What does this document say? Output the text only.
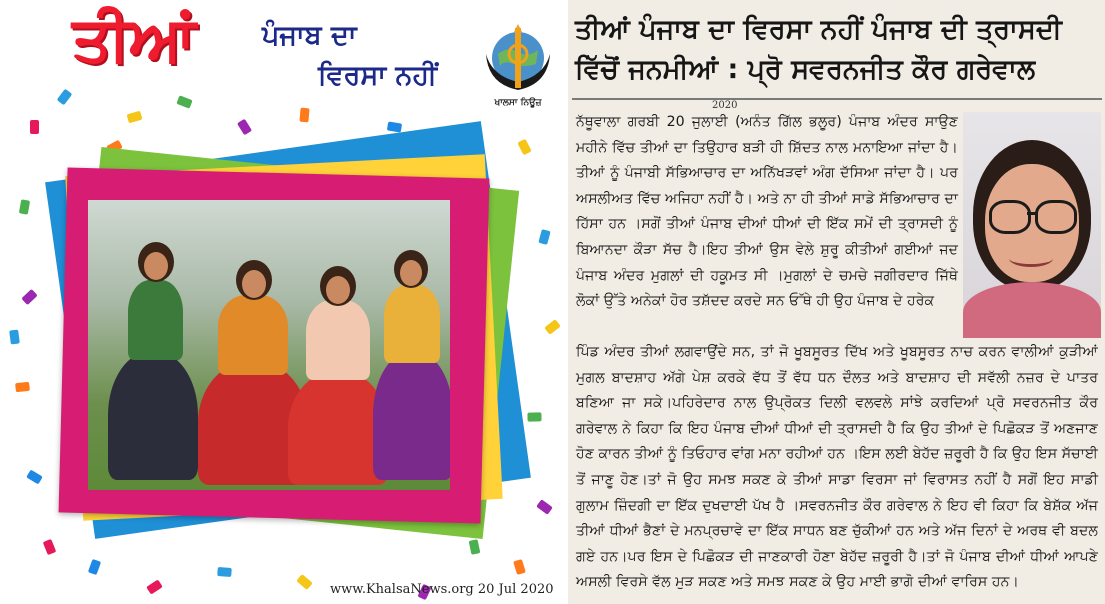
ਤੀਆਂ	ਪੰਜਾਬ ਦਾ
ਵਿਰਸਾ ਨਹੀਂ
ਖਾਲਸਾ ਨਿਊਜ਼
www.KhalsaNews.org 20 Jul 2020
ਤੀਆਂ ਪੰਜਾਬ ਦਾ ਵਿਰਸਾ ਨਹੀਂ ਪੰਜਾਬ ਦੀ ਤ੍ਰਾਸਦੀ ਵਿੱਚੋਂ ਜਨਮੀਆਂ : ਪ੍ਰੋ ਸਵਰਨਜੀਤ ਕੌਰ ਗਰੇਵਾਲ
2020

ਨੱਥੂਵਾਲਾ ਗਰਬੀ 20 ਜੁਲਾਈ (ਅਨੰਤ ਗਿੱਲ ਭਲੂਰ) ਪੰਜਾਬ ਅੰਦਰ ਸਾਉਣ ਮਹੀਨੇ ਵਿੱਚ ਤੀਆਂ ਦਾ ਤਿਉਹਾਰ ਬੜੀ ਹੀ ਸ਼ਿੱਦਤ ਨਾਲ ਮਨਾਇਆ ਜਾਂਦਾ ਹੈ। ਤੀਆਂ ਨੂੰ ਪੰਜਾਬੀ ਸੱਭਿਆਚਾਰ ਦਾ ਅਨਿੱਖੜਵਾਂ ਅੰਗ ਦੱਸਿਆ ਜਾਂਦਾ ਹੈ। ਪਰ ਅਸਲੀਅਤ ਵਿੱਚ ਅਜਿਹਾ ਨਹੀਂ ਹੈ। ਅਤੇ ਨਾ ਹੀ ਤੀਆਂ ਸਾਡੇ ਸੱਭਿਆਚਾਰ ਦਾ ਹਿੱਸਾ ਹਨ ।ਸਗੋਂ ਤੀਆਂ ਪੰਜਾਬ ਦੀਆਂ ਧੀਆਂ ਦੀ ਇੱਕ ਸਮੇਂ ਦੀ ਤ੍ਰਾਸਦੀ ਨੂੰ ਬਿਆਨਦਾ ਕੌੜਾ ਸੱਚ ਹੈ।ਇਹ ਤੀਆਂ ਉਸ ਵੇਲੇ ਸ਼ੁਰੂ ਕੀਤੀਆਂ ਗਈਆਂ ਜਦ ਪੰਜਾਬ ਅੰਦਰ ਮੁਗਲਾਂ ਦੀ ਹਕੂਮਤ ਸੀ ।ਮੁਗਲਾਂ ਦੇ ਚਮਚੇ ਜਗੀਰਦਾਰ ਜਿੱਥੇ ਲੋਕਾਂ ਉੱਤੇ ਅਨੇਕਾਂ ਹੋਰ ਤਸ਼ੱਦਦ ਕਰਦੇ ਸਨ ਓੱਥੇ ਹੀ ਉਹ ਪੰਜਾਬ ਦੇ ਹਰੇਕ

ਪਿੰਡ ਅੰਦਰ ਤੀਆਂ ਲਗਵਾਉਂਦੇ ਸਨ, ਤਾਂ ਜੋ ਖੂਬਸੂਰਤ ਦਿੱਖ ਅਤੇ ਖੂਬਸੂਰਤ ਨਾਚ ਕਰਨ ਵਾਲੀਆਂ ਕੁੜੀਆਂ ਮੁਗਲ ਬਾਦਸ਼ਾਹ ਅੱਗੇ ਪੇਸ਼ ਕਰਕੇ ਵੱਧ ਤੋਂ ਵੱਧ ਧਨ ਦੌਲਤ ਅਤੇ ਬਾਦਸ਼ਾਹ ਦੀ ਸਵੱਲੀ ਨਜ਼ਰ ਦੇ ਪਾਤਰ ਬਣਿਆ ਜਾ ਸਕੇ।ਪਹਿਰੇਦਾਰ ਨਾਲ ਉਪ੍ਰੋਕਤ ਦਿਲੀ ਵਲਵਲੇ ਸਾਂਝੇ ਕਰਦਿਆਂ ਪ੍ਰੋ ਸਵਰਨਜੀਤ ਕੌਰ ਗਰੇਵਾਲ ਨੇ ਕਿਹਾ ਕਿ ਇਹ ਪੰਜਾਬ ਦੀਆਂ ਧੀਆਂ ਦੀ ਤ੍ਰਾਸਦੀ ਹੈ ਕਿ ਉਹ ਤੀਆਂ ਦੇ ਪਿਛੋਕੜ ਤੋਂ ਅਣਜਾਣ ਹੋਣ ਕਾਰਨ ਤੀਆਂ ਨੂੰ ਤਿਓਹਾਰ ਵਾਂਗ ਮਨਾ ਰਹੀਆਂ ਹਨ ।ਇਸ ਲਈ ਬੇਹੱਦ ਜ਼ਰੂਰੀ ਹੈ ਕਿ ਉਹ ਇਸ ਸੱਚਾਈ ਤੋਂ ਜਾਣੂ ਹੋਣ।ਤਾਂ ਜੋ ਉਹ ਸਮਝ ਸਕਣ ਕੇ ਤੀਆਂ ਸਾਡਾ ਵਿਰਸਾ ਜਾਂ ਵਿਰਾਸਤ ਨਹੀਂ ਹੈ ਸਗੋਂ ਇਹ ਸਾਡੀ ਗੁਲਾਮ ਜ਼ਿੰਦਗੀ ਦਾ ਇੱਕ ਦੁਖਦਾਈ ਪੱਖ ਹੈ ।ਸਵਰਨਜੀਤ ਕੌਰ ਗਰੇਵਾਲ ਨੇ ਇਹ ਵੀ ਕਿਹਾ ਕਿ ਬੇਸ਼ੱਕ ਅੱਜ ਤੀਆਂ ਧੀਆਂ ਭੈਣਾਂ ਦੇ ਮਨਪ੍ਰਚਾਵੇ ਦਾ ਇੱਕ ਸਾਧਨ ਬਣ ਚੁੱਕੀਆਂ ਹਨ ਅਤੇ ਅੱਜ ਦਿਨਾਂ ਦੇ ਅਰਥ ਵੀ ਬਦਲ ਗਏ ਹਨ।ਪਰ ਇਸ ਦੇ ਪਿਛੋਕੜ ਦੀ ਜਾਣਕਾਰੀ ਹੋਣਾ ਬੇਹੱਦ ਜ਼ਰੂਰੀ ਹੈ।ਤਾਂ ਜੋ ਪੰਜਾਬ ਦੀਆਂ ਧੀਆਂ ਆਪਣੇ ਅਸਲੀ ਵਿਰਸੇ ਵੱਲ ਮੁੜ ਸਕਣ ਅਤੇ ਸਮਝ ਸਕਣ ਕੇ ਉਹ ਮਾਈ ਭਾਗੋ ਦੀਆਂ ਵਾਰਿਸ ਹਨ।
